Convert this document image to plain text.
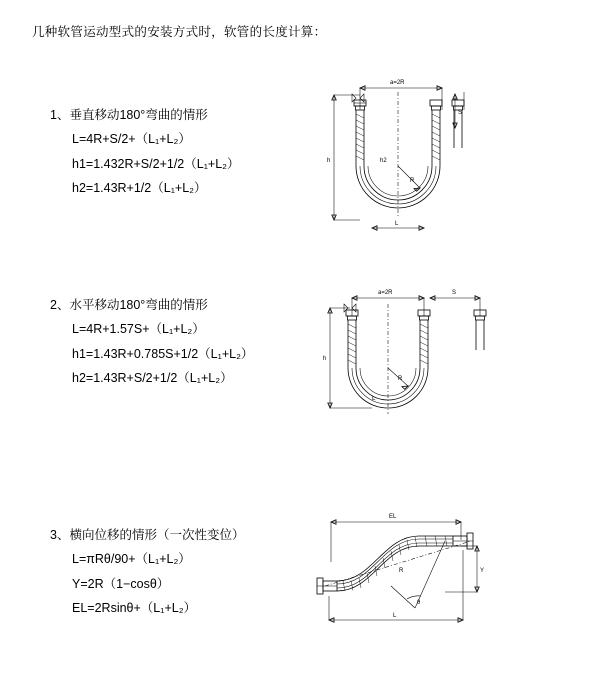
几种软管运动型式的安装方式时，软管的长度计算：
1、垂直移动180°弯曲的情形
L=4R+S/2+（L₁+L₂）
h1=1.432R+S/2+1/2（L₁+L₂）
h2=1.43R+1/2（L₁+L₂）
a=2R
S
h
R
L
h2
2、水平移动180°弯曲的情形
L=4R+1.57S+（L₁+L₂）
h1=1.43R+0.785S+1/2（L₁+L₂）
h2=1.43R+S/2+1/2（L₁+L₂）
a=2R	S
h
R
L
3、横向位移的情形（一次性变位）
L=πRθ/90+（L₁+L₂）
Y=2R（1−cosθ）
EL=2Rsinθ+（L₁+L₂）
EL
Y
θ
R
L
